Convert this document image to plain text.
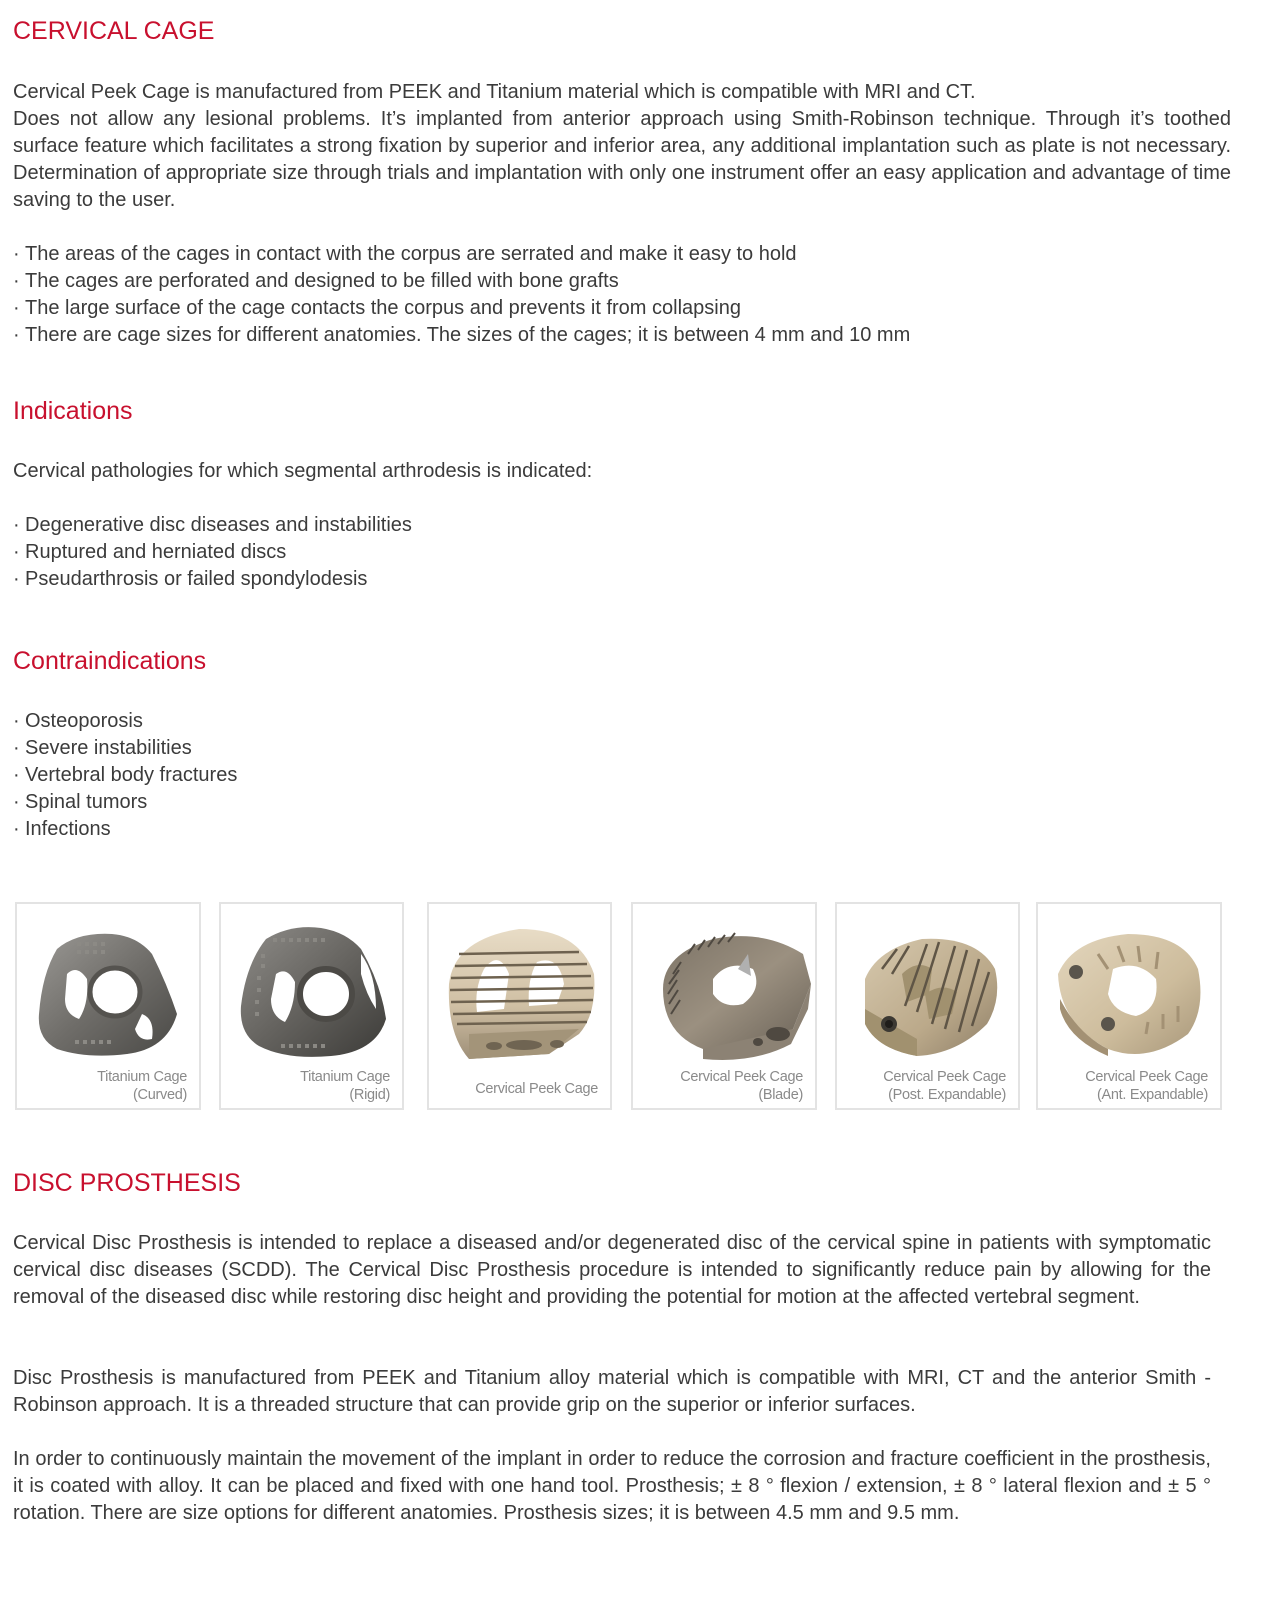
CERVICAL CAGE

Cervical Peek Cage is manufactured from PEEK and Titanium material which is compatible with MRI and CT.

Does not allow any lesional problems. It’s implanted from anterior approach using Smith-Robinson technique. Through it’s toothed surface feature which facilitates a strong fixation by superior and inferior area, any additional implantation such as plate is not necessary. Determination of appropriate size through trials and implantation with only one instrument offer an easy application and advantage of time saving to the user.

· The areas of the cages in contact with the corpus are serrated and make it easy to hold
· The cages are perforated and designed to be filled with bone grafts
· The large surface of the cage contacts the corpus and prevents it from collapsing
· There are cage sizes for different anatomies. The sizes of the cages; it is between 4 mm and 10 mm
Indications

Cervical pathologies for which segmental arthrodesis is indicated:

· Degenerative disc diseases and instabilities
· Ruptured and herniated discs
· Pseudarthrosis or failed spondylodesis
Contraindications
· Osteoporosis
· Severe instabilities
· Vertebral body fractures
· Spinal tumors
· Infections
DISC PROSTHESIS

Cervical Disc Prosthesis is intended to replace a diseased and/or degenerated disc of the cervical spine in patients with symptomatic cervical disc diseases (SCDD). The Cervical Disc Prosthesis procedure is intended to significantly reduce pain by allowing for the removal of the diseased disc while restoring disc height and providing the potential for motion at the affected vertebral segment.

Disc Prosthesis is manufactured from PEEK and Titanium alloy material which is compatible with MRI, CT and the anterior Smith - Robinson approach. It is a threaded structure that can provide grip on the superior or inferior surfaces.

In order to continuously maintain the movement of the implant in order to reduce the corrosion and fracture coefficient in the prosthesis, it is coated with alloy. It can be placed and fixed with one hand tool. Prosthesis; ± 8 ° flexion / extension, ± 8 ° lateral flexion and ± 5 ° rotation. There are size options for different anatomies. Prosthesis sizes; it is between 4.5 mm and 9.5 mm.

Titanium Cage
(Curved)
Titanium Cage
(Rigid)	Cervical Peek Cage
Cervical Peek Cage
(Blade)
Cervical Peek Cage
(Post. Expandable)
Cervical Peek Cage
(Ant. Expandable)
